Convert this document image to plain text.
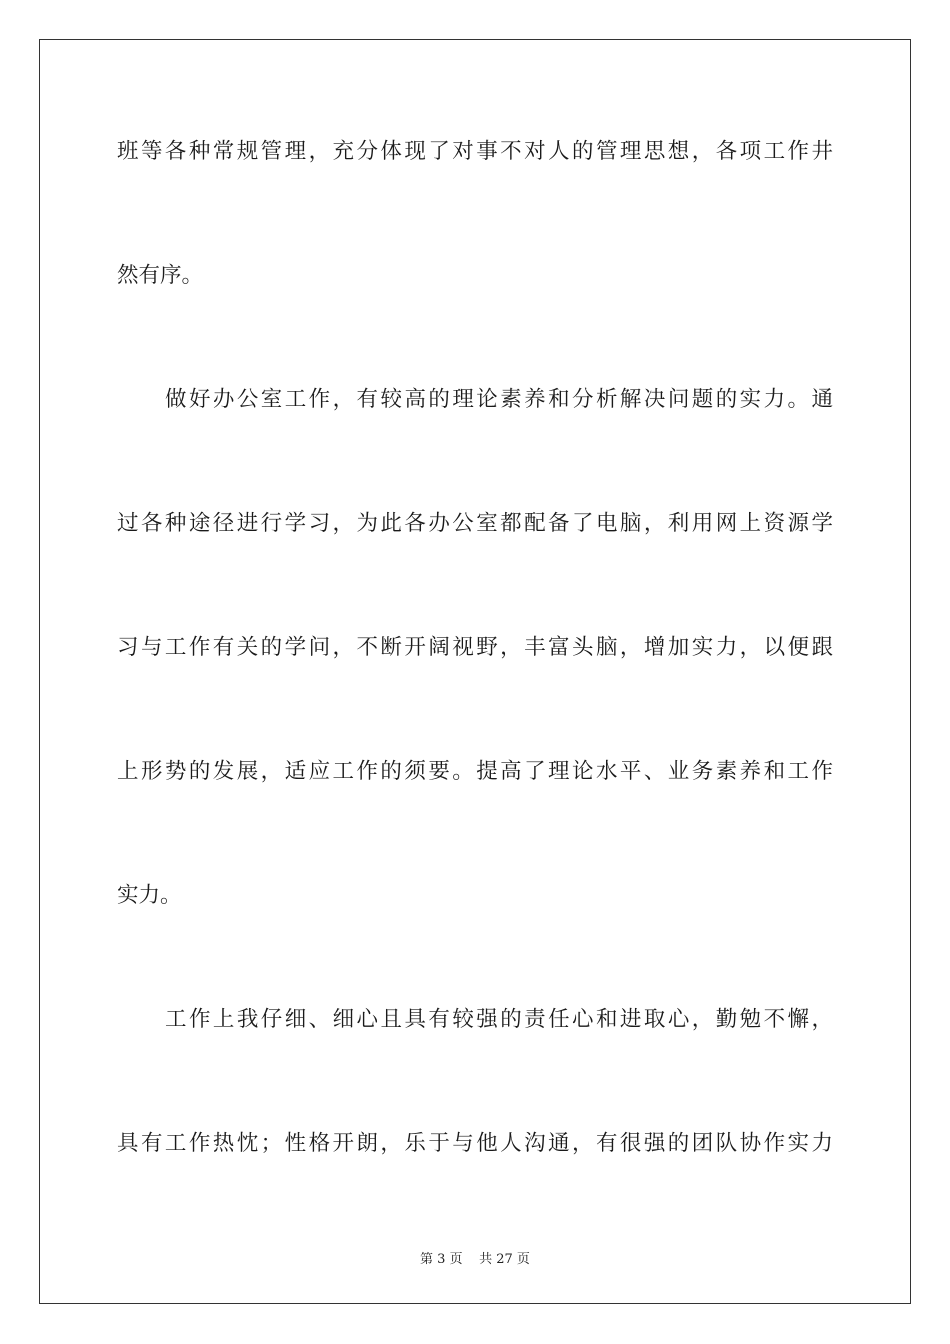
班等各种常规管理，充分体现了对事不对人的管理思想，各项工作井
然有序。
做好办公室工作，有较高的理论素养和分析解决问题的实力。通
过各种途径进行学习，为此各办公室都配备了电脑，利用网上资源学
习与工作有关的学问，不断开阔视野，丰富头脑，增加实力，以便跟
上形势的发展，适应工作的须要。提高了理论水平、业务素养和工作
实力。
工作上我仔细、细心且具有较强的责任心和进取心，勤勉不懈，
具有工作热忱；性格开朗，乐于与他人沟通，有很强的团队协作实力
第 3 页 共 27 页
